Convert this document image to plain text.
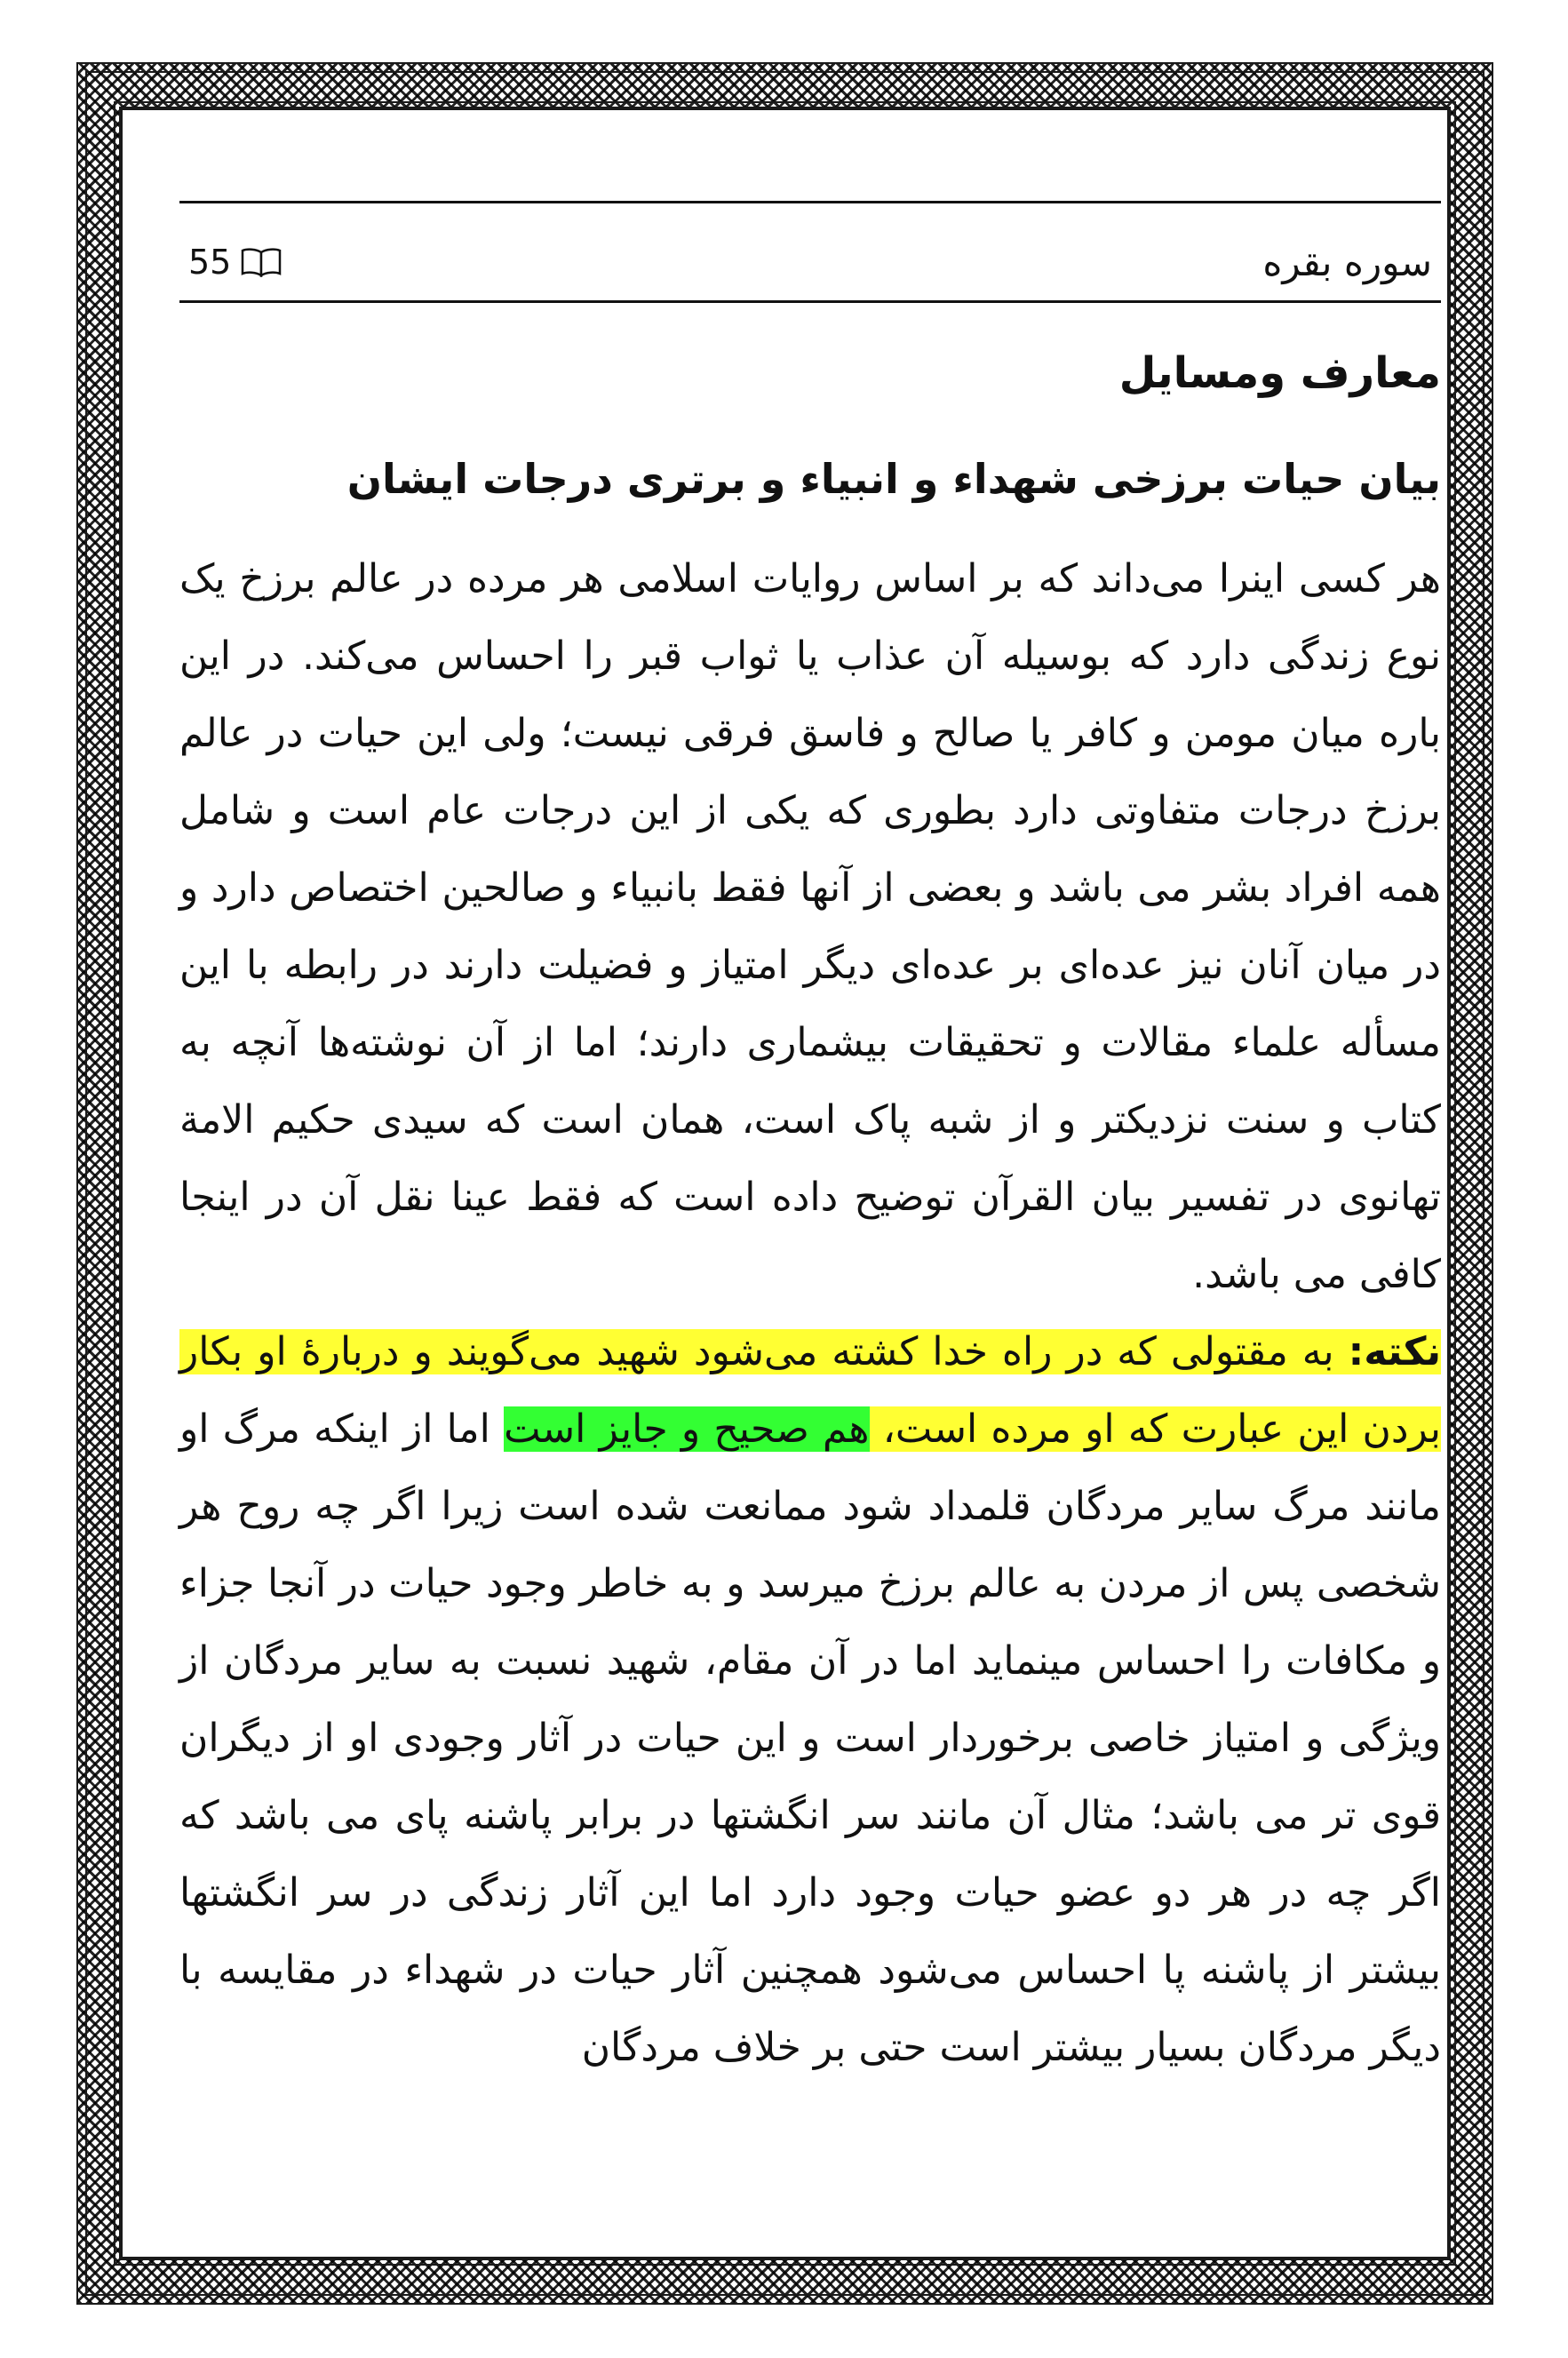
سوره بقره
55
معارف ومسایل
بیان حیات برزخی شهداء و انبیاء و برتری درجات ایشان

هر کسی اینرا می‌داند که بر اساس روایات اسلامی هر مرده در عالم برزخ یک نوع زندگی دارد که بوسیله آن عذاب یا ثواب قبر را احساس می‌کند. در این باره میان مومن و کافر یا صالح و فاسق فرقی نیست؛ ولی این حیات در عالم برزخ درجات متفاوتی دارد بطوری که یکی از این درجات عام است و شامل همه افراد بشر می باشد و بعضی از آنها فقط بانبیاء و صالحین اختصاص دارد و در میان آنان نیز عده‌ای بر عده‌ای دیگر امتیاز و فضیلت دارند در رابطه با این مسأله علماء مقالات و تحقیقات بیشماری دارند؛ اما از آن نوشته‌ها آنچه به کتاب و سنت نزدیکتر و از شبه پاک است، همان است که سیدی حکیم الامة تهانوی در تفسیر بیان القرآن توضیح داده است که فقط عینا نقل آن در اینجا کافی می باشد.

نکته: به مقتولی که در راه خدا کشته می‌شود شهید می‌گویند و دربارهٔ او بکار بردن این عبارت که او مرده است، هم صحیح و جایز است اما از اینکه مرگ او مانند مرگ سایر مردگان قلمداد شود ممانعت شده است زیرا اگر چه روح هر شخصی پس از مردن به عالم برزخ میرسد و به خاطر وجود حیات در آنجا جزاء و مکافات را احساس مینماید اما در آن مقام، شهید نسبت به سایر مردگان از ویژگی و امتیاز خاصی برخوردار است و این حیات در آثار وجودی او از دیگران قوی تر می باشد؛ مثال آن مانند سر انگشتها در برابر پاشنه پای می باشد که اگر چه در هر دو عضو حیات وجود دارد اما این آثار زندگی در سر انگشتها بیشتر از پاشنه پا احساس می‌شود همچنین آثار حیات در شهداء در مقایسه با دیگر مردگان بسیار بیشتر است حتی بر خلاف مردگان
